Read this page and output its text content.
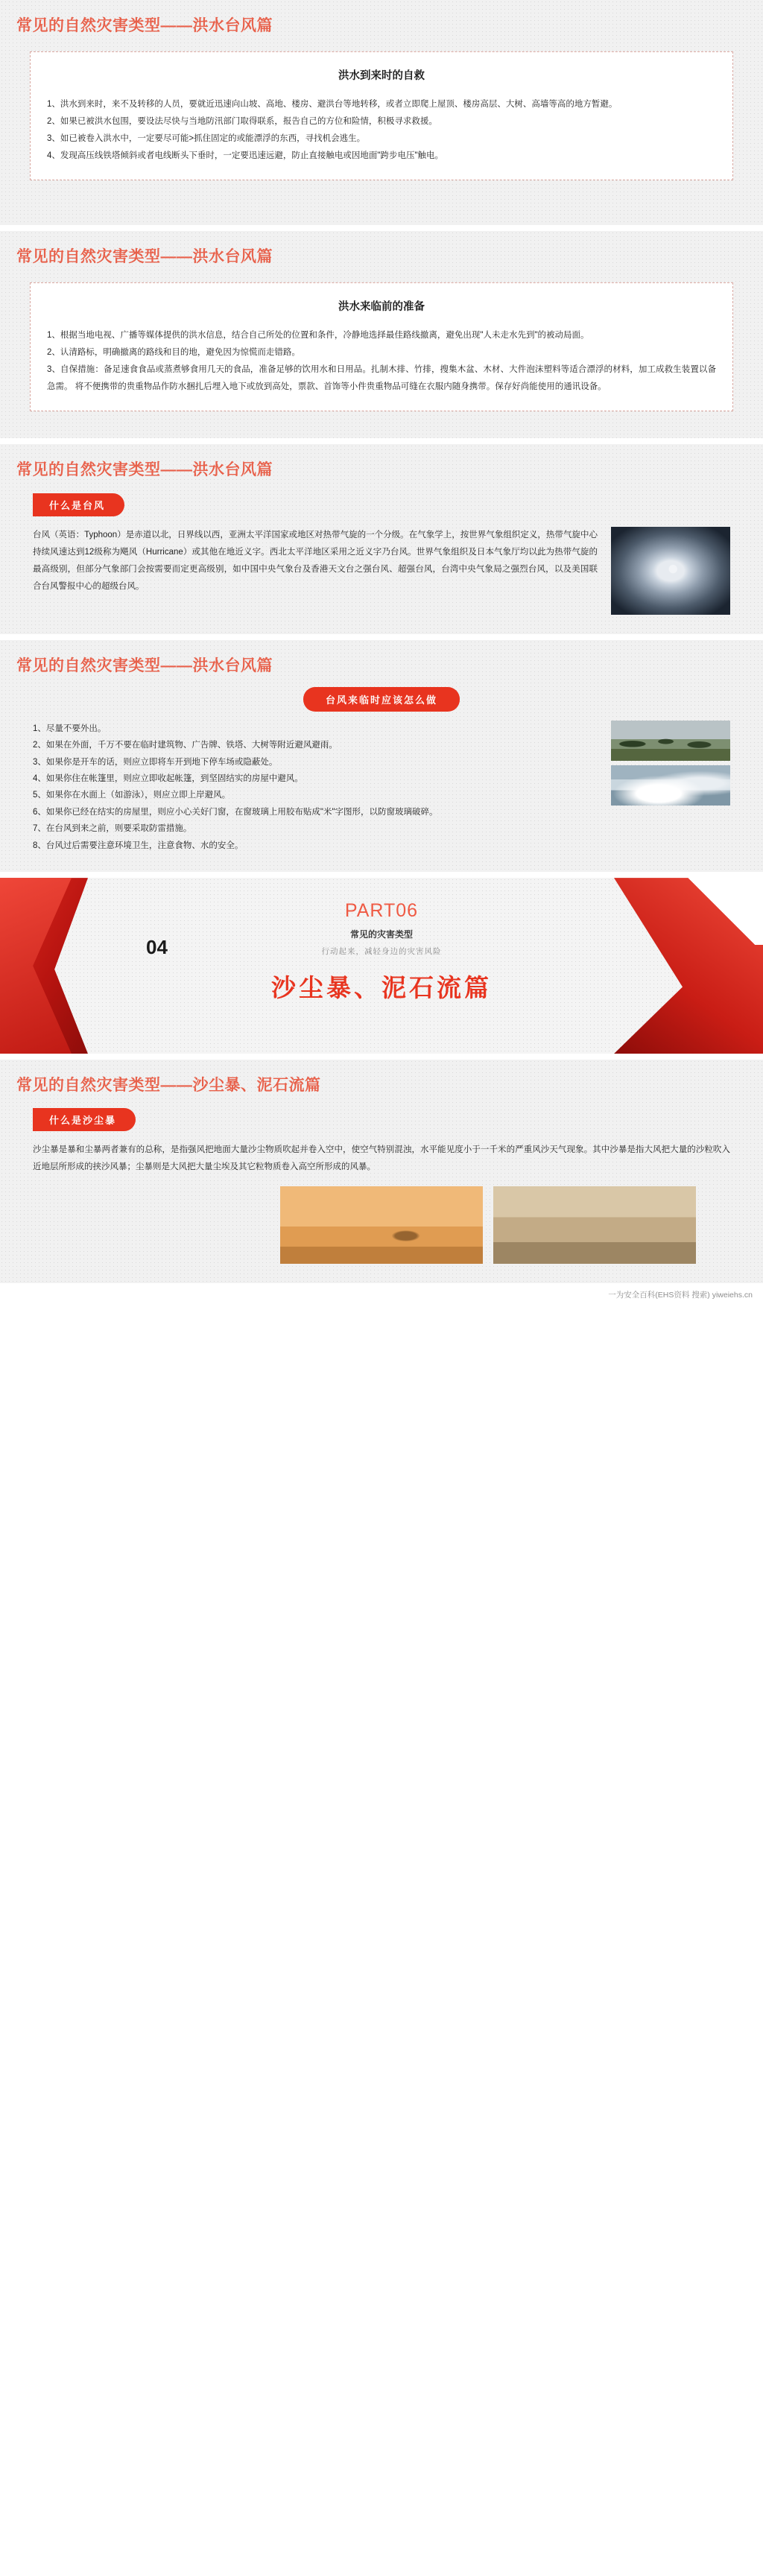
常见的自然灾害类型——洪水台风篇
洪水到来时的自救

1、洪水到来时，来不及转移的人员，要就近迅速向山坡、高地、楼房、避洪台等地转移，或者立即爬上屋顶、楼房高层、大树、高墙等高的地方暂避。

2、如果已被洪水包围，要设法尽快与当地防汛部门取得联系，报告自己的方位和险情，积极寻求救援。

3、如已被卷入洪水中，一定要尽可能>抓住固定的或能漂浮的东西，寻找机会逃生。

4、发现高压线铁塔倾斜或者电线断头下垂时，一定要迅速远避，防止直接触电或因地面"跨步电压"触电。

常见的自然灾害类型——洪水台风篇
洪水来临前的准备

1、根据当地电视、广播等媒体提供的洪水信息，结合自己所处的位置和条件，冷静地选择最佳路线撤离，避免出现"人未走水先到"的被动局面。

2、认清路标，明确撤离的路线和目的地，避免因为惊慌而走错路。

3、自保措施：备足速食食品或蒸煮够食用几天的食品，准备足够的饮用水和日用品。扎制木排、竹排，搜集木盆、木材、大件泡沫塑料等适合漂浮的材料，加工成救生装置以备急需。 将不便携带的贵重物品作防水捆扎后埋入地下或放到高处，票款、首饰等小件贵重物品可缝在衣服内随身携带。保存好尚能使用的通讯设备。

常见的自然灾害类型——洪水台风篇
什么是台风

台风（英语：Typhoon）是赤道以北，日界线以西，亚洲太平洋国家或地区对热带气旋的一个分级。在气象学上，按世界气象组织定义，热带气旋中心持续风速达到12级称为飓风（Hurricane）或其他在地近义字。西北太平洋地区采用之近义字乃台风。世界气象组织及日本气象厅均以此为热带气旋的最高级别，但部分气象部门会按需要而定更高级别，如中国中央气象台及香港天文台之强台风、超强台风，台湾中央气象局之强烈台风，以及美国联合台风警报中心的超级台风。

常见的自然灾害类型——洪水台风篇
台风来临时应该怎么做

1、尽量不要外出。

2、如果在外面，千万不要在临时建筑物、广告牌、铁塔、大树等附近避风避雨。

3、如果你是开车的话，则应立即将车开到地下停车场或隐蔽处。

4、如果你住在帐篷里，则应立即收起帐篷，到坚固结实的房屋中避风。

5、如果你在水面上（如游泳），则应立即上岸避风。

6、如果你已经在结实的房屋里，则应小心关好门窗，在窗玻璃上用胶布贴成"米"字图形，以防窗玻璃破碎。

7、在台风到来之前，则要采取防雷措施。

8、台风过后需要注意环境卫生，注意食物、水的安全。

04
PART06
常见的灾害类型
行动起来，减轻身边的灾害风险
沙尘暴、泥石流篇
常见的自然灾害类型——沙尘暴、泥石流篇
什么是沙尘暴

沙尘暴是暴和尘暴两者兼有的总称，是指强风把地面大量沙尘物质吹起并卷入空中，使空气特别混浊，水平能见度小于一千米的严重风沙天气现象。其中沙暴是指大风把大量的沙粒吹入近地层所形成的挟沙风暴；尘暴则是大风把大量尘埃及其它粒物质卷入高空所形成的风暴。

一为安全百科(EHS资料 搜索) yiweiehs.cn
